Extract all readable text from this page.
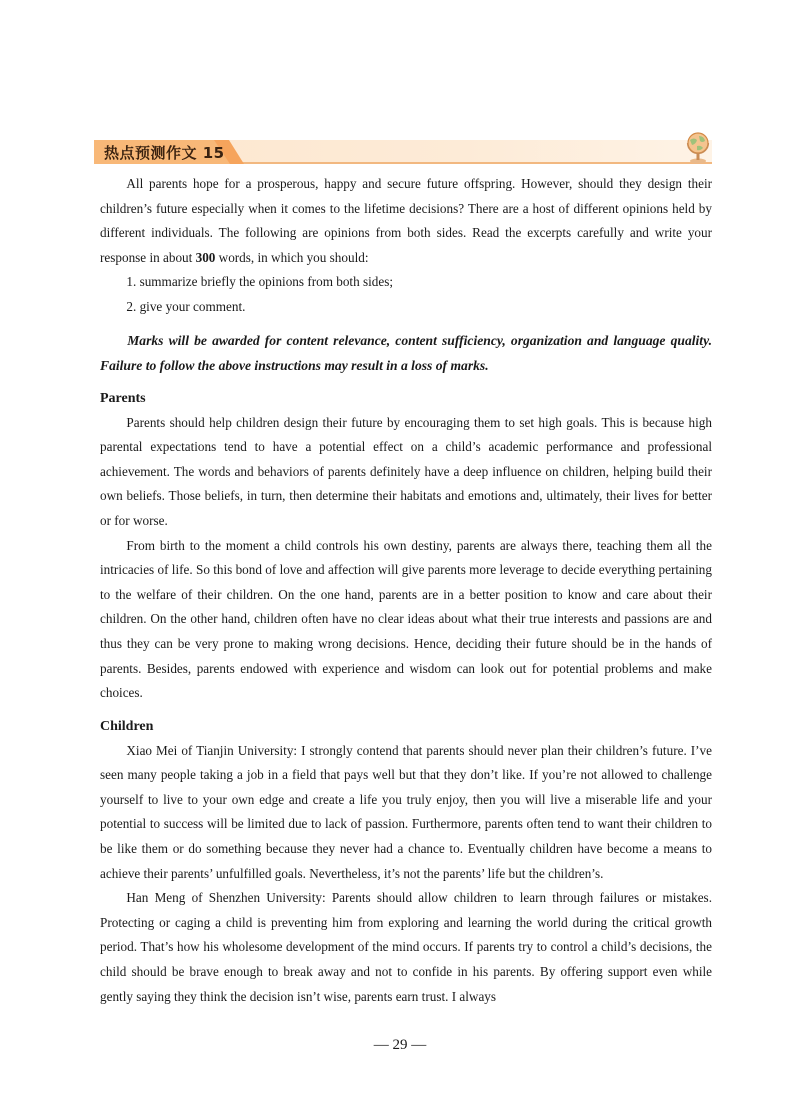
热点预测作文 15

All parents hope for a prosperous, happy and secure future offspring. However, should they design their children’s future especially when it comes to the lifetime decisions? There are a host of different opinions held by different individuals. The following are opinions from both sides. Read the excerpts carefully and write your response in about 300 words, in which you should:

1. summarize briefly the opinions from both sides;

2. give your comment.

Marks will be awarded for content relevance, content sufficiency, organization and language quality. Failure to follow the above instructions may result in a loss of marks.

Parents

Parents should help children design their future by encouraging them to set high goals. This is because high parental expectations tend to have a potential effect on a child’s academic performance and professional achievement. The words and behaviors of parents definitely have a deep influence on children, helping build their own beliefs. Those beliefs, in turn, then determine their habitats and emotions and, ultimately, their lives for better or for worse.

From birth to the moment a child controls his own destiny, parents are always there, teaching them all the intricacies of life. So this bond of love and affection will give parents more leverage to decide everything pertaining to the welfare of their children. On the one hand, parents are in a better position to know and care about their children. On the other hand, children often have no clear ideas about what their true interests and passions are and thus they can be very prone to making wrong decisions. Hence, deciding their future should be in the hands of parents. Besides, parents endowed with experience and wisdom can look out for potential problems and make choices.

Children

Xiao Mei of Tianjin University: I strongly contend that parents should never plan their children’s future. I’ve seen many people taking a job in a field that pays well but that they don’t like. If you’re not allowed to challenge yourself to live to your own edge and create a life you truly enjoy, then you will live a miserable life and your potential to success will be limited due to lack of passion. Furthermore, parents often tend to want their children to be like them or do something because they never had a chance to. Eventually children have become a means to achieve their parents’ unfulfilled goals. Nevertheless, it’s not the parents’ life but the children’s.

Han Meng of Shenzhen University: Parents should allow children to learn through failures or mistakes. Protecting or caging a child is preventing him from exploring and learning the world during the critical growth period. That’s how his wholesome development of the mind occurs. If parents try to control a child’s decisions, the child should be brave enough to break away and not to confide in his parents. By offering support even while gently saying they think the decision isn’t wise, parents earn trust. I always

— 29 —
